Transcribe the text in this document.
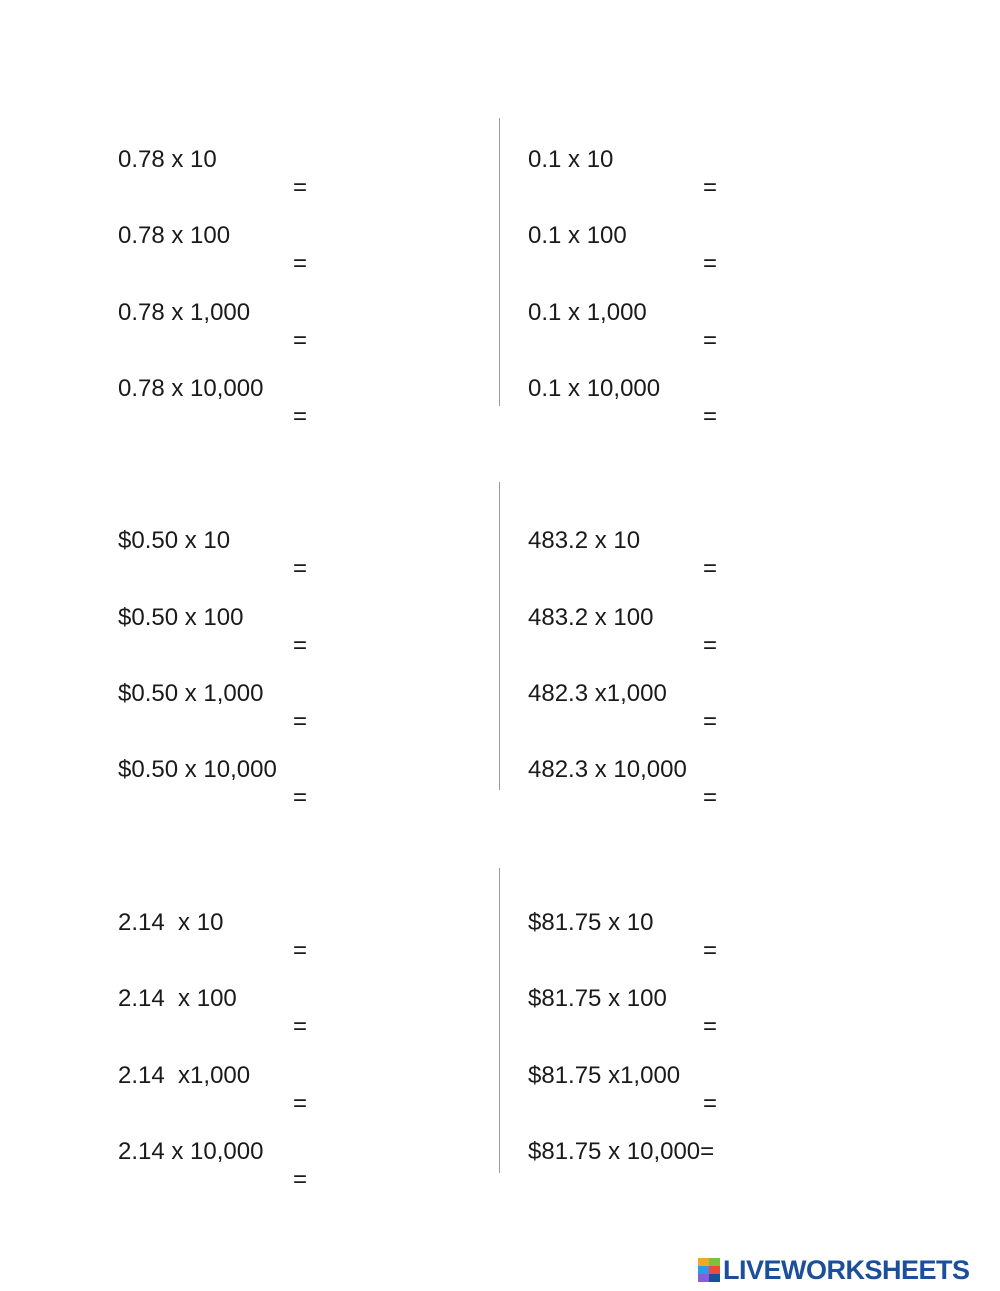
0.78 x 10

=

0.78 x 100

=

0.78 x 1,000

=

0.78 x 10,000

=

0.1 x 10

=

0.1 x 100

=

0.1 x 1,000

=

0.1 x 10,000

=

$0.50 x 10

=

$0.50 x 100

=

$0.50 x 1,000

=

$0.50 x 10,000

=

483.2 x 10

=

483.2 x 100

=

482.3 x1,000

=

482.3 x 10,000

=

2.14  x 10

=

2.14  x 100

=

2.14  x1,000

=

2.14 x 10,000

=

$81.75 x 10

=

$81.75 x 100

=

$81.75 x1,000

=

$81.75 x 10,000=

LIVEWORKSHEETS
